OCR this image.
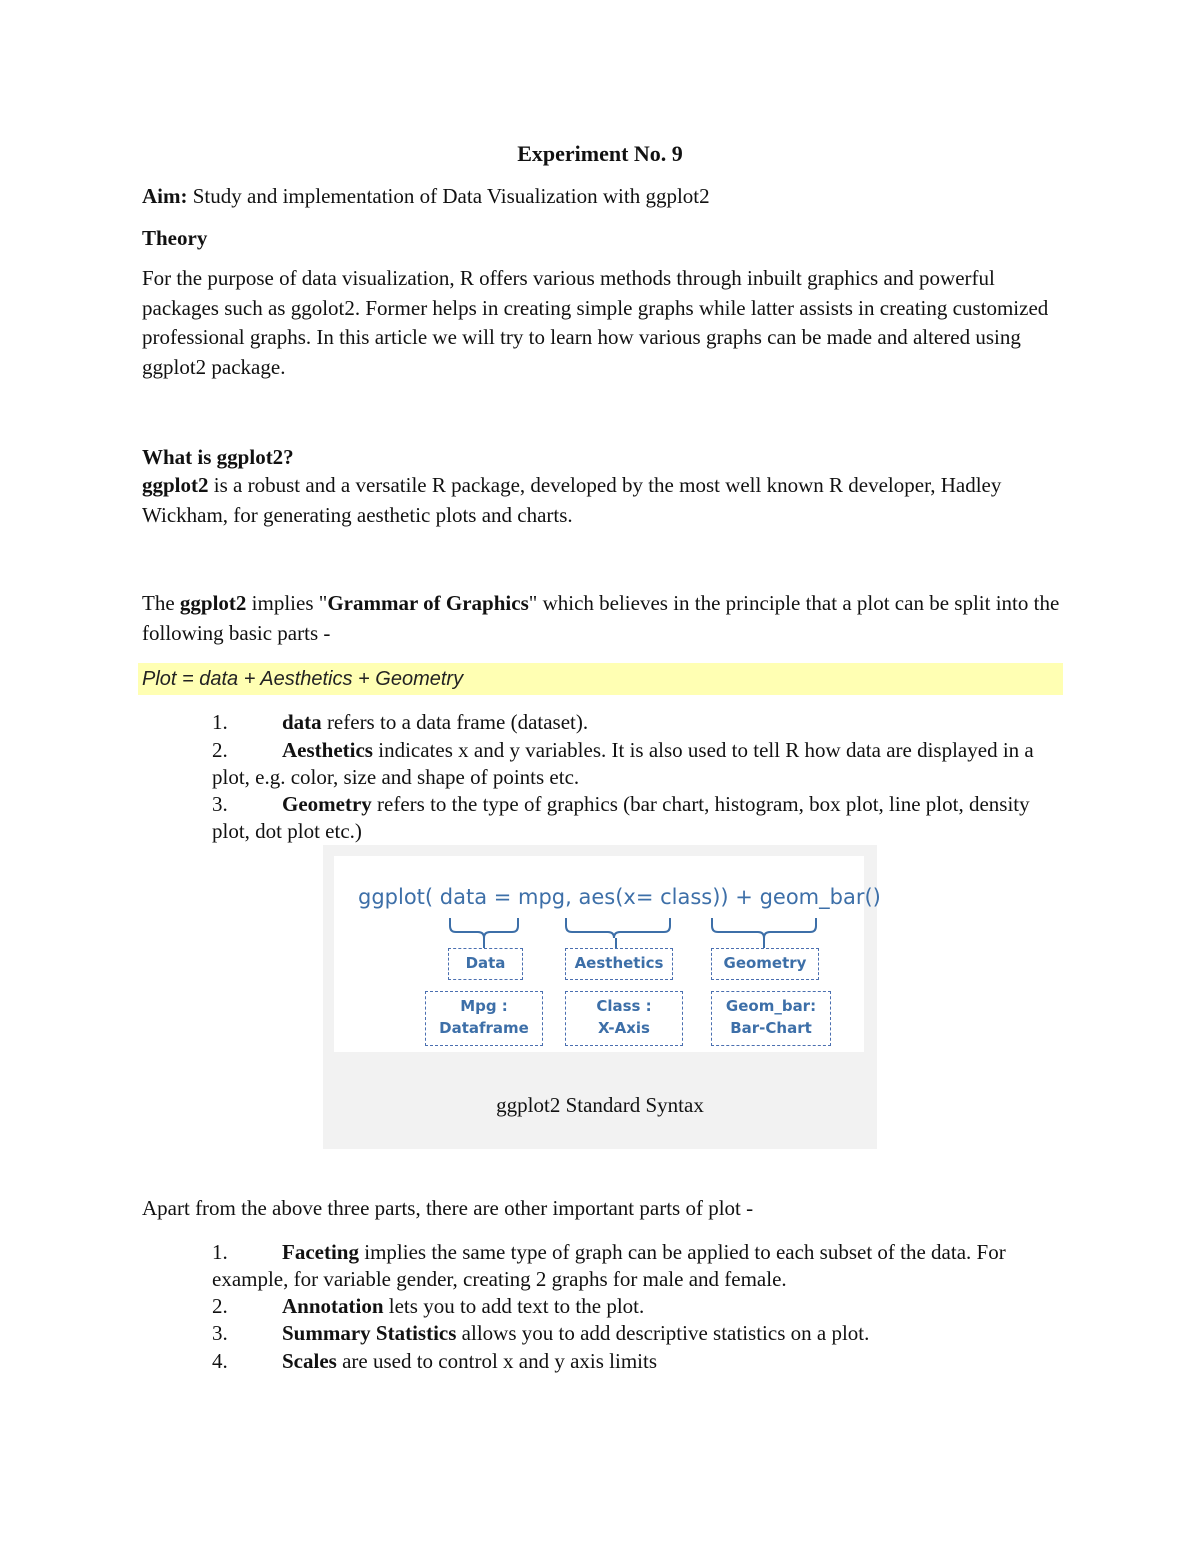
Experiment No. 9
Aim: Study and implementation of Data Visualization with ggplot2
Theory
For the purpose of data visualization, R offers various methods through inbuilt graphics and powerful packages such as ggolot2. Former helps in creating simple graphs while latter assists in creating customized professional graphs. In this article we will try to learn how various graphs can be made and altered using ggplot2 package.
What is ggplot2?
ggplot2 is a robust and a versatile R package, developed by the most well known R developer, Hadley Wickham, for generating aesthetic plots and charts.
The ggplot2 implies "Grammar of Graphics" which believes in the principle that a plot can be split into the following basic parts -
Plot = data + Aesthetics + Geometry
1.	data refers to a data frame (dataset).
2.	Aesthetics indicates x and y variables. It is also used to tell R how data are displayed in a plot, e.g. color, size and shape of points etc.
3.	Geometry refers to the type of graphics (bar chart, histogram, box plot, line plot, density plot, dot plot etc.)
ggplot( data = mpg, aes(x= class)) + geom_bar()
Data	Aesthetics	Geometry
Mpg :
Dataframe
Class :
X-Axis
Geom_bar:
Bar-Chart
ggplot2 Standard Syntax
Apart from the above three parts, there are other important parts of plot -
1.	Faceting implies the same type of graph can be applied to each subset of the data. For example, for variable gender, creating 2 graphs for male and female.
2.	Annotation lets you to add text to the plot.
3.	Summary Statistics allows you to add descriptive statistics on a plot.
4.	Scales are used to control x and y axis limits
